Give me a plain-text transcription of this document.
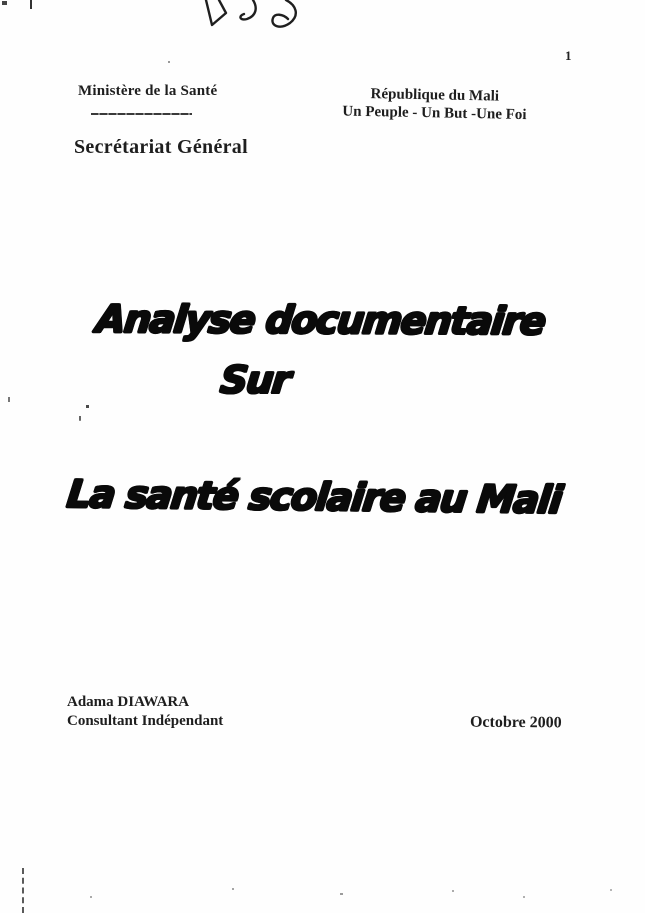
1
Ministère de la Santé
Secrétariat Général
République du Mali
Un Peuple - Un But -Une Foi
Analyse documentaire
Sur
La santé scolaire au Mali
Adama DIAWARA
Consultant Indépendant	Octobre 2000
